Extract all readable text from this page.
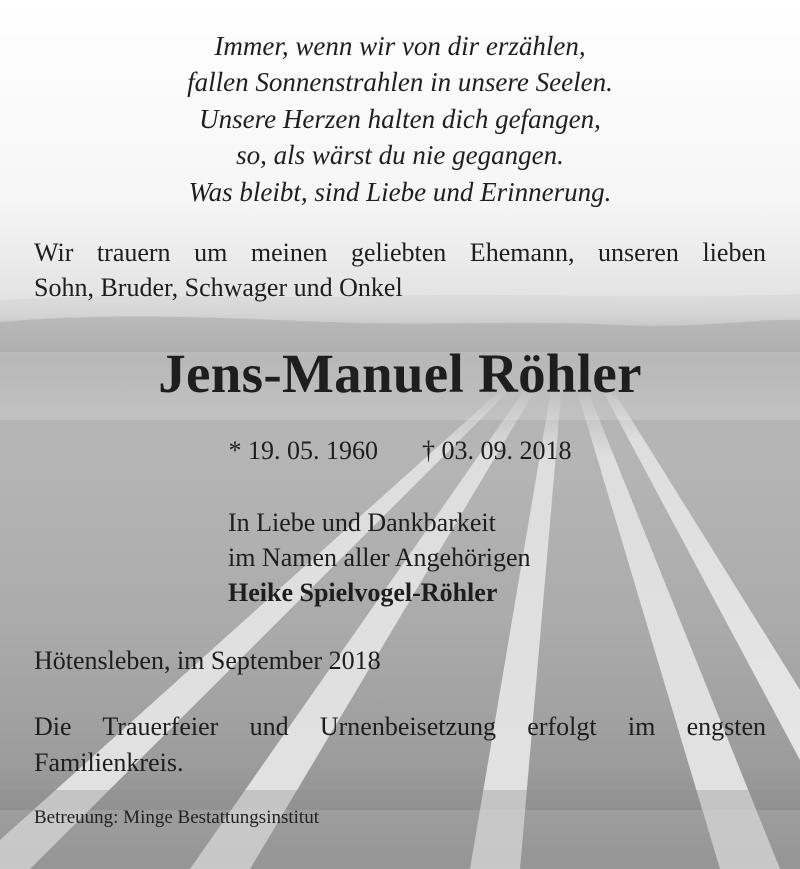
Immer, wenn wir von dir erzählen,
fallen Sonnenstrahlen in unsere Seelen.
Unsere Herzen halten dich gefangen,
so, als wärst du nie gegangen.
Was bleibt, sind Liebe und Erinnerung.
Wir trauern um meinen geliebten Ehemann, unseren lieben
Sohn, Bruder, Schwager und Onkel
Jens-Manuel Röhler
* 19. 05. 1960 † 03. 09. 2018
In Liebe und Dankbarkeit
im Namen aller Angehörigen
Heike Spielvogel-Röhler
Hötensleben, im September 2018
Die Trauerfeier und Urnenbeisetzung erfolgt im engsten
Familienkreis.
Betreuung: Minge Bestattungsinstitut
